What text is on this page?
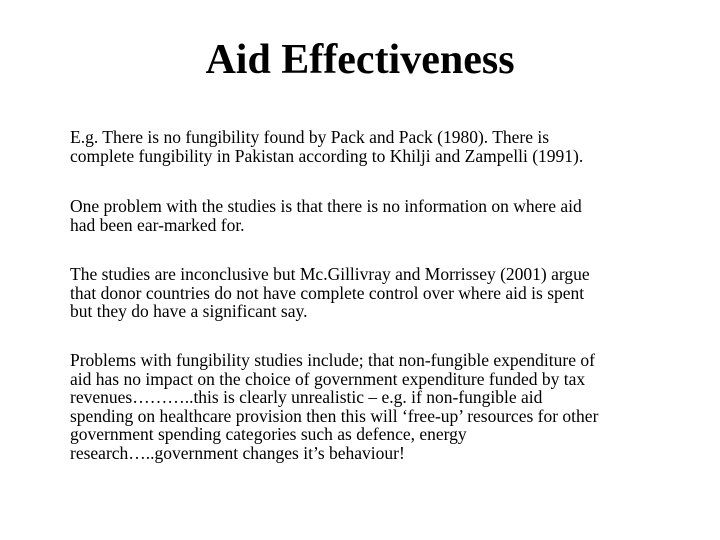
Aid Effectiveness
E.g. There is no fungibility found by Pack and Pack (1980). There is
complete fungibility in Pakistan according to Khilji and Zampelli (1991).
One problem with the studies is that there is no information on where aid
had been ear-marked for.
The studies are inconclusive but Mc.Gillivray and Morrissey (2001) argue
that donor countries do not have complete control over where aid is spent
but they do have a significant say.
Problems with fungibility studies include; that non-fungible expenditure of
aid has no impact on the choice of government expenditure funded by tax
revenues………..this is clearly unrealistic – e.g. if non-fungible aid
spending on healthcare provision then this will ‘free-up’ resources for other
government spending categories such as defence, energy
research…..government changes it’s behaviour!
